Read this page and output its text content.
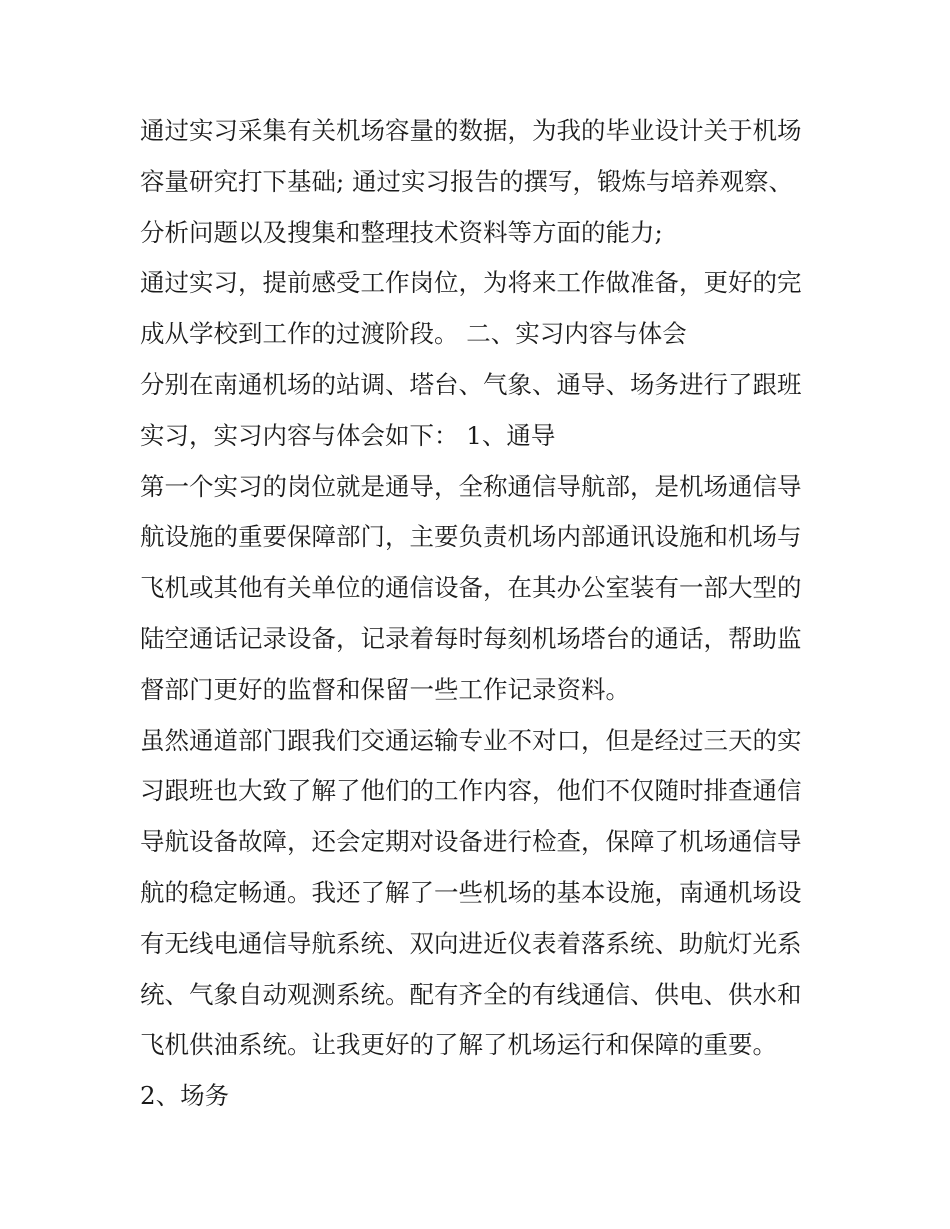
通过实习采集有关机场容量的数据，为我的毕业设计关于机场
容量研究打下基础; 通过实习报告的撰写，锻炼与培养观察、
分析问题以及搜集和整理技术资料等方面的能力;
通过实习，提前感受工作岗位，为将来工作做准备，更好的完
成从学校到工作的过渡阶段。 二、实习内容与体会
分别在南通机场的站调、塔台、气象、通导、场务进行了跟班
实习，实习内容与体会如下： 1、通导
第一个实习的岗位就是通导，全称通信导航部，是机场通信导
航设施的重要保障部门，主要负责机场内部通讯设施和机场与
飞机或其他有关单位的通信设备，在其办公室装有一部大型的
陆空通话记录设备，记录着每时每刻机场塔台的通话，帮助监
督部门更好的监督和保留一些工作记录资料。
虽然通道部门跟我们交通运输专业不对口，但是经过三天的实
习跟班也大致了解了他们的工作内容，他们不仅随时排查通信
导航设备故障，还会定期对设备进行检查，保障了机场通信导
航的稳定畅通。我还了解了一些机场的基本设施，南通机场设
有无线电通信导航系统、双向进近仪表着落系统、助航灯光系
统、气象自动观测系统。配有齐全的有线通信、供电、供水和
飞机供油系统。让我更好的了解了机场运行和保障的重要。
2、场务
